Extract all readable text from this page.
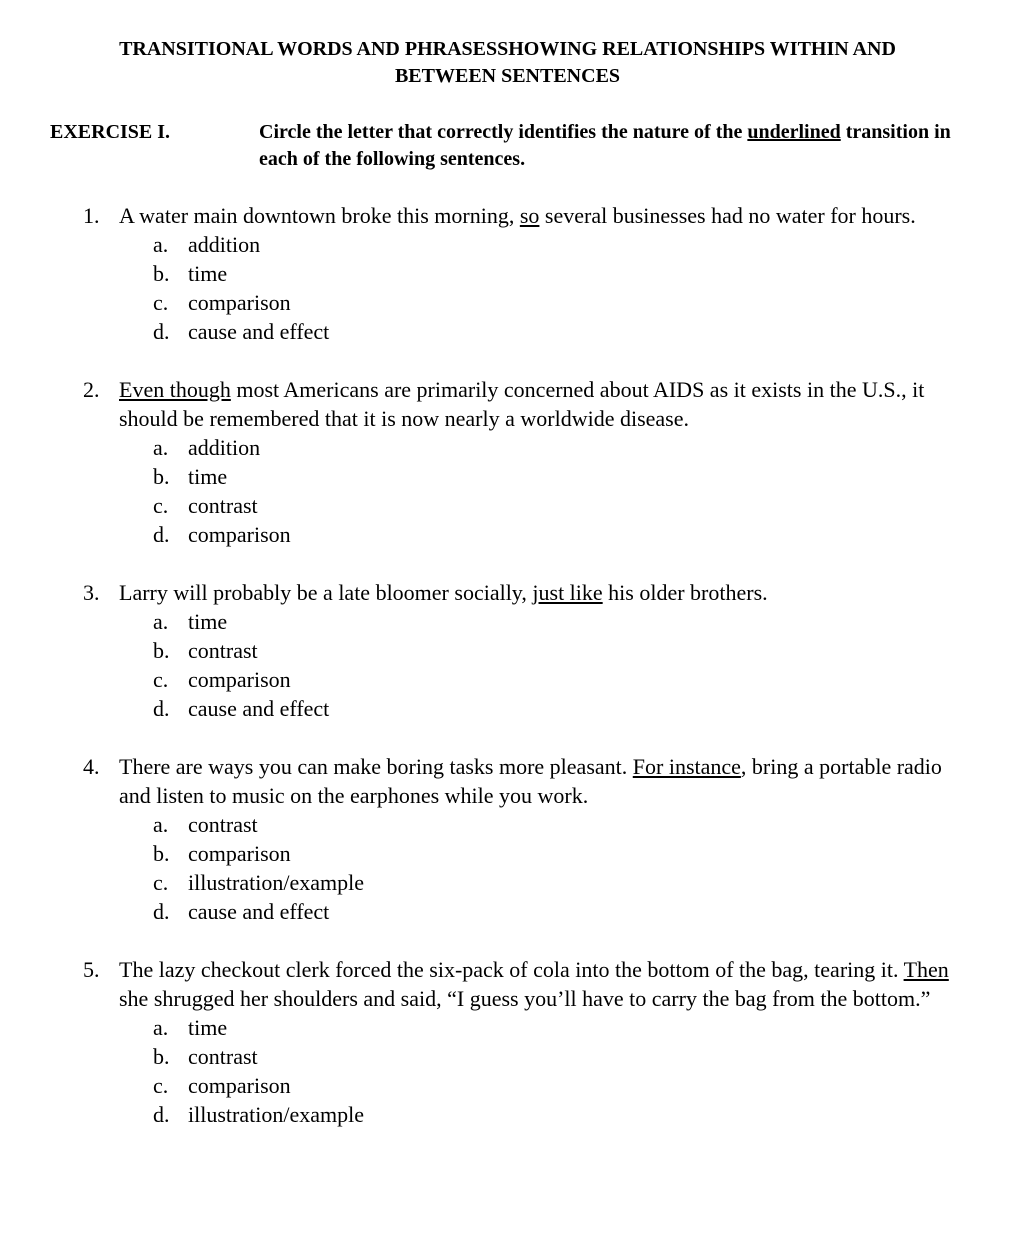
TRANSITIONAL WORDS AND PHRASESSHOWING RELATIONSHIPS WITHIN AND
BETWEEN SENTENCES
EXERCISE I.	Circle the letter that correctly identifies the nature of the underlined transition in each of the following sentences.
1. A water main downtown broke this morning, so several businesses had no water for hours.
a. addition
b. time
c. comparison
d. cause and effect
2. Even though most Americans are primarily concerned about AIDS as it exists in the U.S., it should be remembered that it is now nearly a worldwide disease.
a. addition
b. time
c. contrast
d. comparison
3. Larry will probably be a late bloomer socially, just like his older brothers.
a. time
b. contrast
c. comparison
d. cause and effect
4. There are ways you can make boring tasks more pleasant. For instance, bring a portable radio and listen to music on the earphones while you work.
a. contrast
b. comparison
c. illustration/example
d. cause and effect
5. The lazy checkout clerk forced the six-pack of cola into the bottom of the bag, tearing it. Then she shrugged her shoulders and said, “I guess you’ll have to carry the bag from the bottom.”
a. time
b. contrast
c. comparison
d. illustration/example
